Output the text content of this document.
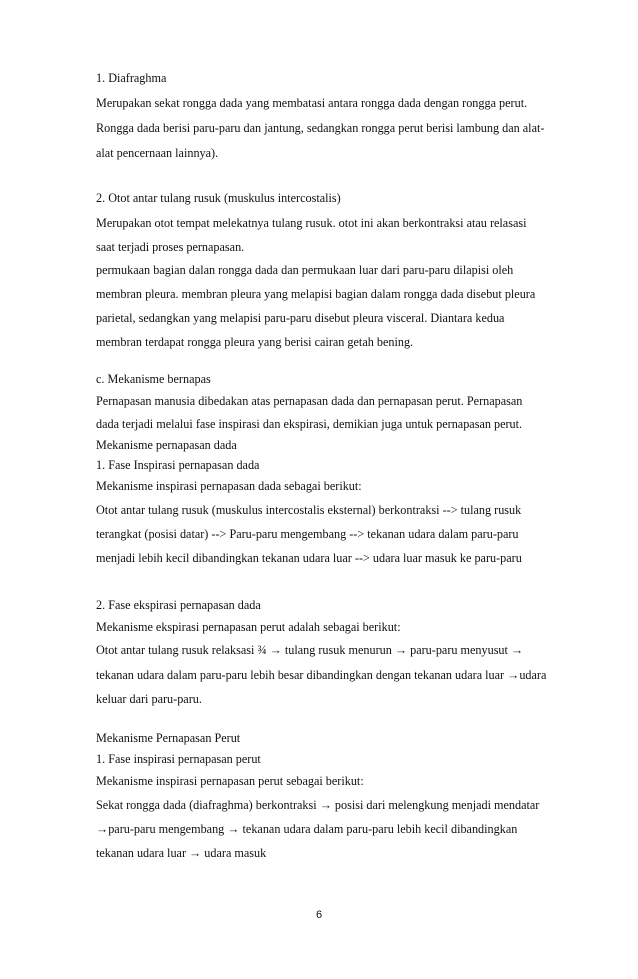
1. Diafraghma
Merupakan sekat rongga dada yang membatasi antara rongga dada dengan rongga perut.
Rongga dada berisi paru-paru dan jantung, sedangkan rongga perut berisi lambung dan alat-
alat pencernaan lainnya).
2. Otot antar tulang rusuk (muskulus intercostalis)
Merupakan otot tempat melekatnya tulang rusuk. otot ini akan berkontraksi atau relasasi
saat terjadi proses pernapasan.
permukaan bagian dalan rongga dada dan permukaan luar dari paru-paru dilapisi oleh
membran pleura. membran pleura yang melapisi bagian dalam rongga dada disebut pleura
parietal, sedangkan yang melapisi paru-paru disebut pleura visceral. Diantara kedua
membran terdapat rongga pleura yang berisi cairan getah bening.
c. Mekanisme bernapas
Pernapasan manusia dibedakan atas pernapasan dada dan pernapasan perut. Pernapasan
dada terjadi melalui fase inspirasi dan ekspirasi, demikian juga untuk pernapasan perut.
Mekanisme pernapasan dada
1. Fase Inspirasi pernapasan dada
Mekanisme inspirasi pernapasan dada sebagai berikut:
Otot antar tulang rusuk (muskulus intercostalis eksternal) berkontraksi --> tulang rusuk
terangkat (posisi datar) --> Paru-paru mengembang --> tekanan udara dalam paru-paru
menjadi lebih kecil dibandingkan tekanan udara luar --> udara luar masuk ke paru-paru
2. Fase ekspirasi pernapasan dada
Mekanisme ekspirasi pernapasan perut adalah sebagai berikut:
Otot antar tulang rusuk relaksasi ¾ → tulang rusuk menurun → paru-paru menyusut →
tekanan udara dalam paru-paru lebih besar dibandingkan dengan tekanan udara luar →udara
keluar dari paru-paru.
Mekanisme Pernapasan Perut
1. Fase inspirasi pernapasan perut
Mekanisme inspirasi pernapasan perut sebagai berikut:
Sekat rongga dada (diafraghma) berkontraksi → posisi dari melengkung menjadi mendatar
→paru-paru mengembang → tekanan udara dalam paru-paru lebih kecil dibandingkan
tekanan udara luar → udara masuk
6
